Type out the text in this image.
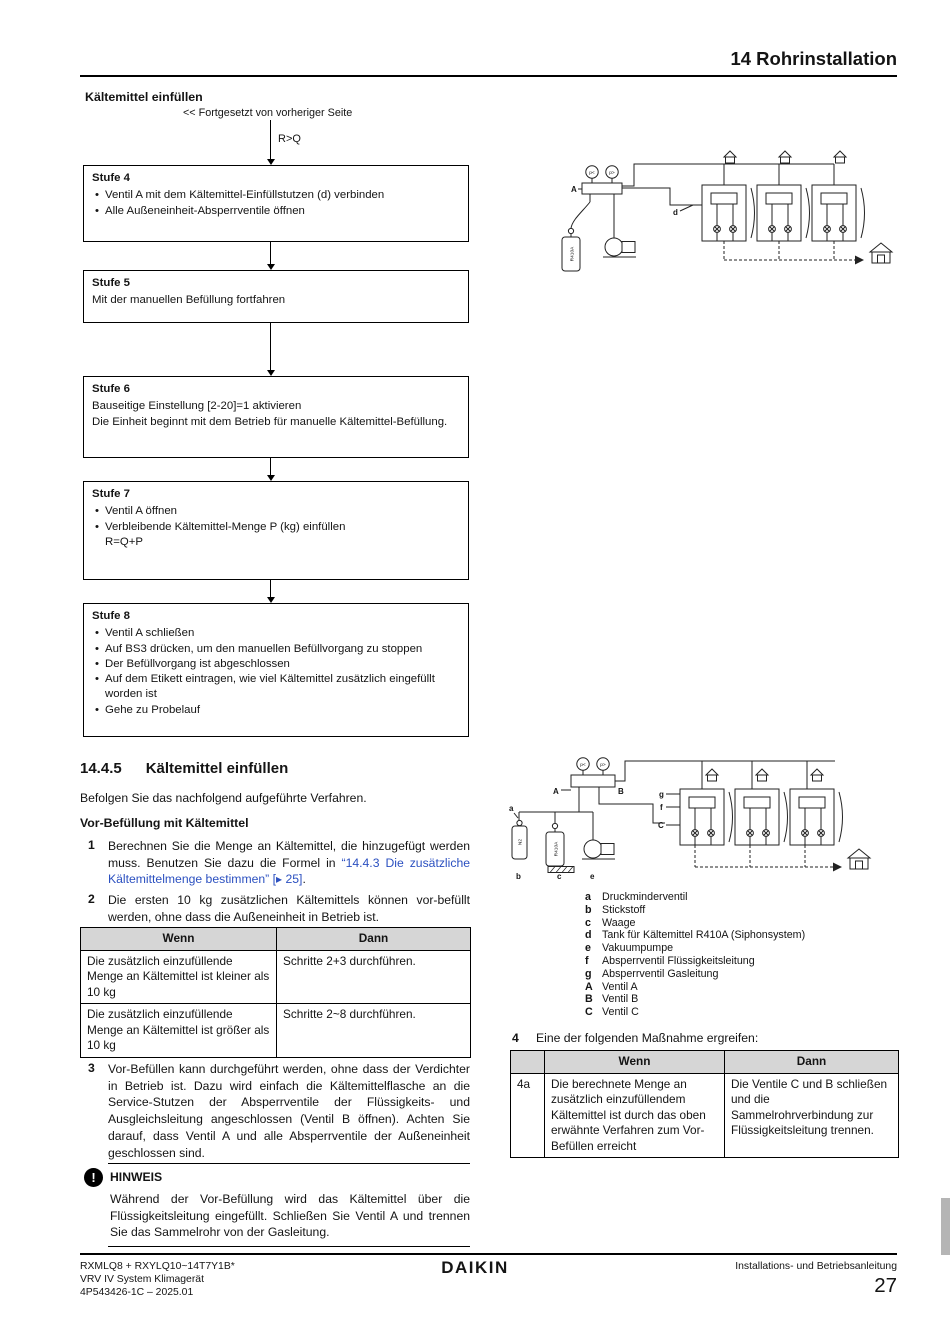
14 Rohrinstallation
Kältemittel einfüllen
<< Fortgesetzt von vorheriger Seite
R>Q
Stufe 4
• Ventil A mit dem Kältemittel-Einfüllstutzen (d) verbinden
• Alle Außeneinheit-Absperrventile öffnen
Stufe 5
Mit der manuellen Befüllung fortfahren
Stufe 6
Bauseitige Einstellung [2-20]=1 aktivieren
Die Einheit beginnt mit dem Betrieb für manuelle Kältemittel-Befüllung.
Stufe 7
• Ventil A öffnen
• Verbleibende Kältemittel-Menge P (kg) einfüllen
R=Q+P
Stufe 8
• Ventil A schließen
• Auf BS3 drücken, um den manuellen Befüllvorgang zu stoppen
• Der Befüllvorgang ist abgeschlossen
• Auf dem Etikett eintragen, wie viel Kältemittel zusätzlich eingefüllt worden ist
• Gehe zu Probelauf
p<	p>
A
d
R410A
14.4.5 Kältemittel einfüllen
Befolgen Sie das nachfolgend aufgeführte Verfahren.
Vor-Befüllung mit Kältemittel
1 Berechnen Sie die Menge an Kältemittel, die hinzugefügt werden muss. Benutzen Sie dazu die Formel in “14.4.3 Die zusätzliche Kältemittelmenge bestimmen” [▸ 25].
2 Die ersten 10 kg zusätzlichen Kältemittels können vor-befüllt werden, ohne dass die Außeneinheit in Betrieb ist.
Wenn	Dann
Die zusätzlich einzufüllende Menge an Kältemittel ist kleiner als 10 kg	Schritte 2+3 durchführen.
Die zusätzlich einzufüllende Menge an Kältemittel ist größer als 10 kg	Schritte 2~8 durchführen.
3 Vor-Befüllen kann durchgeführt werden, ohne dass der Verdichter in Betrieb ist. Dazu wird einfach die Kältemittelflasche an die Service-Stutzen der Absperrventile der Flüssigkeits- und Ausgleichsleitung angeschlossen (Ventil B öffnen). Achten Sie darauf, dass Ventil A und alle Absperrventile der Außeneinheit geschlossen sind.
!	HINWEIS
Während der Vor-Befüllung wird das Kältemittel über die Flüssigkeitsleitung eingefüllt. Schließen Sie Ventil A und trennen Sie das Sammelrohr von der Gasleitung.
p<	p>
A	B
a
N2
b
R410A
c	e
g
f
C
a	Druckminderventil
b Stickstoff
c	Waage
d Tank für Kältemittel R410A (Siphonsystem)
e	Vakuumpumpe
f	Absperrventil Flüssigkeitsleitung
g Absperrventil Gasleitung
A Ventil A
B Ventil B
C Ventil C
4 Eine der folgenden Maßnahme ergreifen:
	Wenn	Dann
4a	Die berechnete Menge an zusätzlich einzufüllendem Kältemittel ist durch das oben erwähnte Verfahren zum Vor-Befüllen erreicht	Die Ventile C und B schließen und die Sammelrohrverbindung zur Flüssigkeitsleitung trennen.
RXMLQ8 + RXYLQ10~14T7Y1B*
VRV IV System Klimagerät
4P543426-1C – 2025.01
DAIKIN	Installations- und Betriebsanleitung
27
